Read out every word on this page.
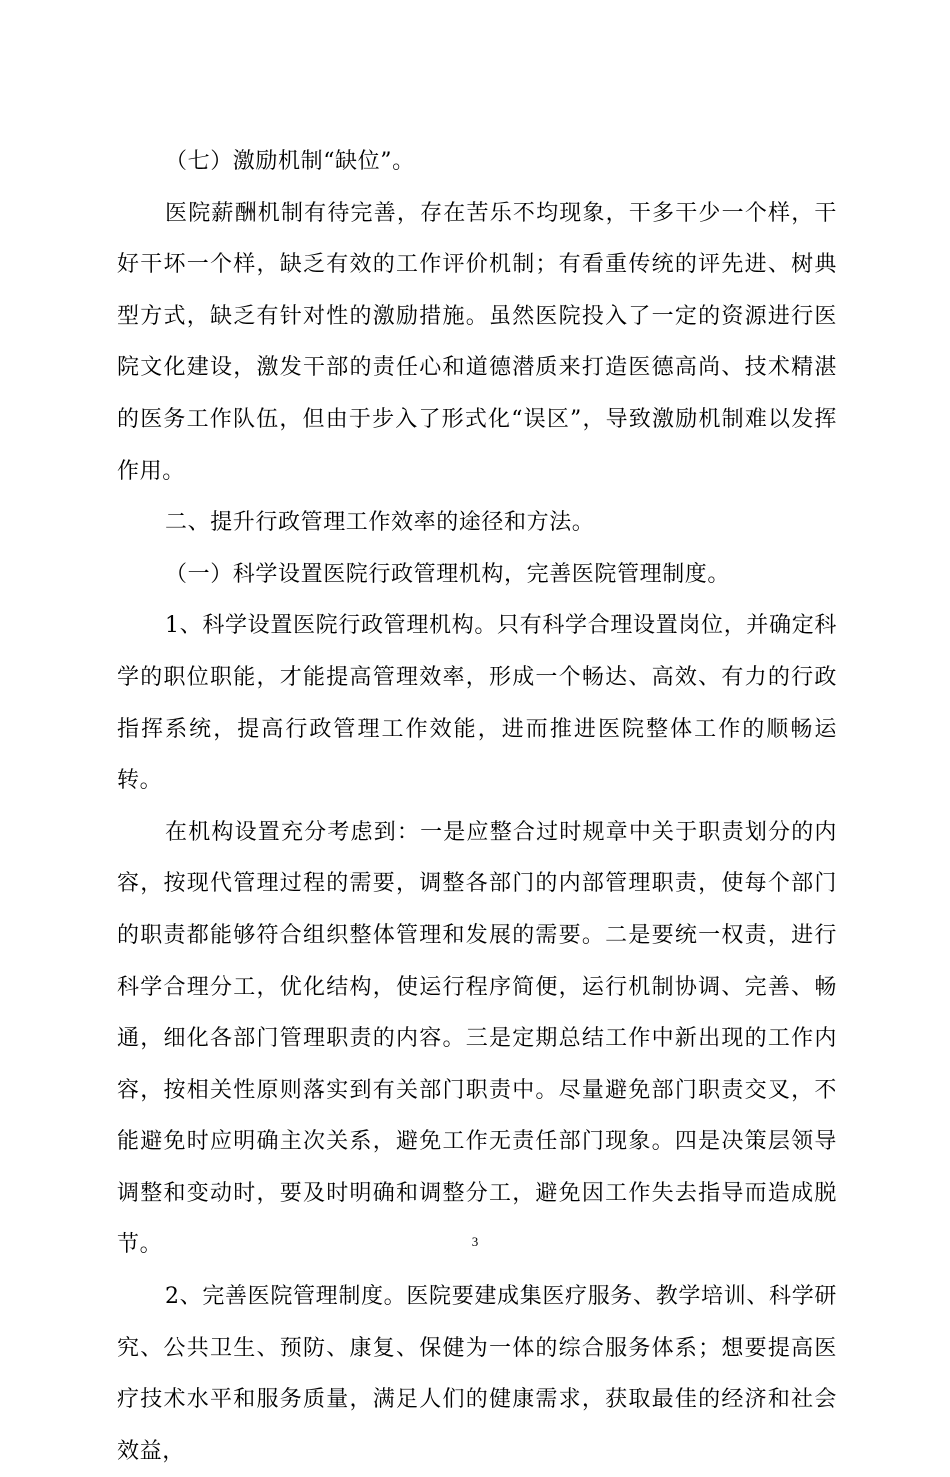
（七）激励机制“缺位”。

医院薪酬机制有待完善，存在苦乐不均现象，干多干少一个样，干好干坏一个样，缺乏有效的工作评价机制；有看重传统的评先进、树典型方式，缺乏有针对性的激励措施。虽然医院投入了一定的资源进行医院文化建设，激发干部的责任心和道德潜质来打造医德高尚、技术精湛的医务工作队伍，但由于步入了形式化“误区”，导致激励机制难以发挥作用。

二、提升行政管理工作效率的途径和方法。

（一）科学设置医院行政管理机构，完善医院管理制度。

1、科学设置医院行政管理机构。只有科学合理设置岗位，并确定科学的职位职能，才能提高管理效率，形成一个畅达、高效、有力的行政指挥系统，提高行政管理工作效能，进而推进医院整体工作的顺畅运转。

在机构设置充分考虑到：一是应整合过时规章中关于职责划分的内容，按现代管理过程的需要，调整各部门的内部管理职责，使每个部门的职责都能够符合组织整体管理和发展的需要。二是要统一权责，进行科学合理分工，优化结构，使运行程序简便，运行机制协调、完善、畅通，细化各部门管理职责的内容。三是定期总结工作中新出现的工作内容，按相关性原则落实到有关部门职责中。尽量避免部门职责交叉，不能避免时应明确主次关系，避免工作无责任部门现象。四是决策层领导调整和变动时，要及时明确和调整分工，避免因工作失去指导而造成脱节。

2、完善医院管理制度。医院要建成集医疗服务、教学培训、科学研究、公共卫生、预防、康复、保健为一体的综合服务体系；想要提高医疗技术水平和服务质量，满足人们的健康需求，获取最佳的经济和社会效益，

3
